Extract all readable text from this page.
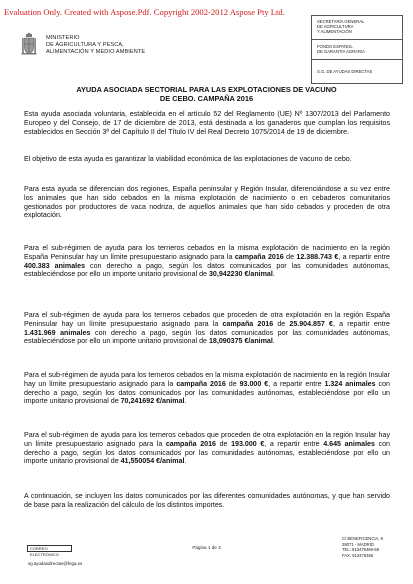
Evaluation Only. Created with Aspose.Pdf. Copyright 2002-2012 Aspose Pty Ltd.
MINISTERIO
DE AGRICULTURA Y PESCA,
ALIMENTACIÓN Y MEDIO AMBIENTE
SECRETARÍA GENERAL
DE AGRICULTURA
Y ALIMENTACIÓN
FONDO ESPAÑOL
DE GARANTÍA AGRARIA
S.G. DE AYUDAS DIRECTAS
AYUDA ASOCIADA SECTORIAL PARA LAS EXPLOTACIONES DE VACUNO
DE CEBO. CAMPAÑA 2016
Esta ayuda asociada voluntaria, establecida en el artículo 52 del Reglamento (UE) Nº 1307/2013 del Parlamento Europeo y del Consejo, de 17 de diciembre de 2013, está destinada a los ganaderos que cumplan los requisitos establecidos en Sección 3ª del Capítulo II del Título IV del Real Decreto 1075/2014 de 19 de diciembre.
El objetivo de esta ayuda es garantizar la viabilidad económica de las explotaciones de vacuno de cebo.
Para esta ayuda se diferencian dos regiones, España peninsular y Región Insular, diferenciándose a su vez entre los animales que han sido cebados en la misma explotación de nacimiento o en cebaderos comunitarios gestionados por productores de vaca nodriza, de aquellos animales que han sido cebados y proceden de otra explotación.
Para el sub-régimen de ayuda para los terneros cebados en la misma explotación de nacimiento en la región España Peninsular hay un límite presupuestario asignado para la campaña 2016 de 12.388.743 €, a repartir entre 400.383 animales con derecho a pago, según los datos comunicados por las comunidades autónomas, estableciéndose por ello un importe unitario provisional de 30,942230 €/animal.
Para el sub-régimen de ayuda para los terneros cebados que proceden de otra explotación en la región España Peninsular hay un límite presupuestario asignado para la campaña 2016 de 25.904.857 €, a repartir entre 1.431.969 animales con derecho a pago, según los datos comunicados por las comunidades autónomas, estableciéndose por ello un importe unitario provisional de 18,090375 €/animal.
Para el sub-régimen de ayuda para los terneros cebados en la misma explotación de nacimiento en la región Insular hay un límite presupuestario asignado para la campaña 2016 de 93.000 €, a repartir entre 1.324 animales con derecho a pago, según los datos comunicados por las comunidades autónomas, estableciéndose por ello un importe unitario provisional de 70,241692 €/animal.
Para el sub-régimen de ayuda para los terneros cebados que proceden de otra explotación en la región Insular hay un límite presupuestario asignado para la campaña 2016 de 193.000 €, a repartir entre 4.645 animales con derecho a pago, según los datos comunicados por las comunidades autónomas, estableciéndose por ello un importe unitario provisional de 41,550054 €/animal.
A continuación, se incluyen los datos comunicados por las diferentes comunidades autónomas, y que han servido de base para la realización del cálculo de los distintos importes.
CORREO ELECTRÓNICO
sg.ayudasdirectas@fega.es
Página 1 de 3
C/ BENEFICENCIA, 8
28071 - MADRID
TEL: 913476466-68
FAX: 913476465
